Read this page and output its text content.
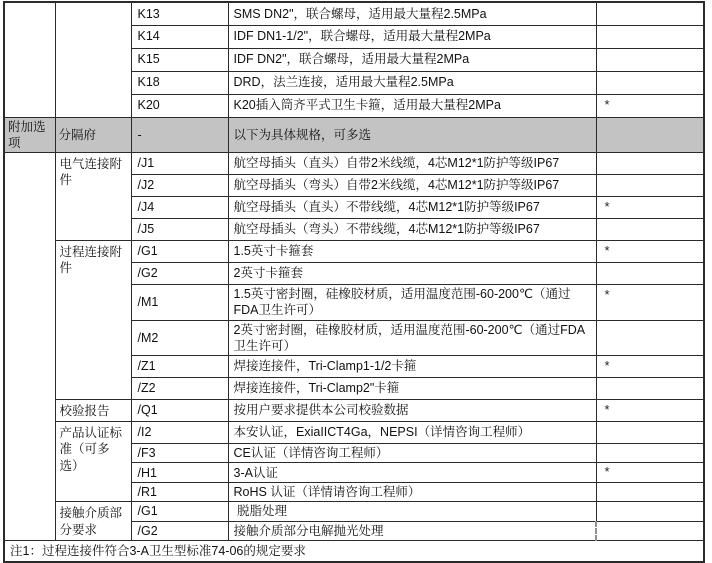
		K13	SMS DN2"，联合螺母，适用最大量程2.5MPa	
		K14	IDF DN1-1/2"，联合螺母，适用最大量程2MPa	
		K15	IDF DN2"，联合螺母，适用最大量程2MPa	
		K18	DRD，法兰连接，适用最大量程2.5MPa	
		K20	K20插入筒齐平式卫生卡箍，适用最大量程2MPa	*
附加选项	分隔府	-	以下为具体规格，可多选	
	电气连接附件	/J1	航空母插头（直头）自带2米线缆，4芯M12*1防护等级IP67	
		/J2	航空母插头（弯头）自带2米线缆，4芯M12*1防护等级IP67	
		/J4	航空母插头（直头）不带线缆，4芯M12*1防护等级IP67	*
		/J5	航空母插头（弯头）不带线缆，4芯M12*1防护等级IP67	
	过程连接附件	/G1	1.5英寸卡箍套	*
		/G2	2英寸卡箍套	
		/M1	1.5英寸密封圈，硅橡胶材质，适用温度范围-60-200℃（通过FDA卫生许可）	*
		/M2	2英寸密封圈，硅橡胶材质，适用温度范围-60-200℃（通过FDA卫生许可）	
		/Z1	焊接连接件，Tri-Clamp1-1/2卡箍	*
		/Z2	焊接连接件，Tri-Clamp2"卡箍	
	校验报告	/Q1	按用户要求提供本公司校验数据	*
	产品认证标准（可多选）	/I2	本安认证，ExiaIICT4Ga，NEPSI（详情咨询工程师）	
		/F3	CE认证（详情咨询工程师）	
		/H1	3-A认证	*
		/R1	RoHS 认证（详情请咨询工程师）	
	接触介质部分要求	/G1	脱脂处理	
		/G2	接触介质部分电解抛光处理	
注1：过程连接件符合3-A卫生型标准74-06的规定要求				
